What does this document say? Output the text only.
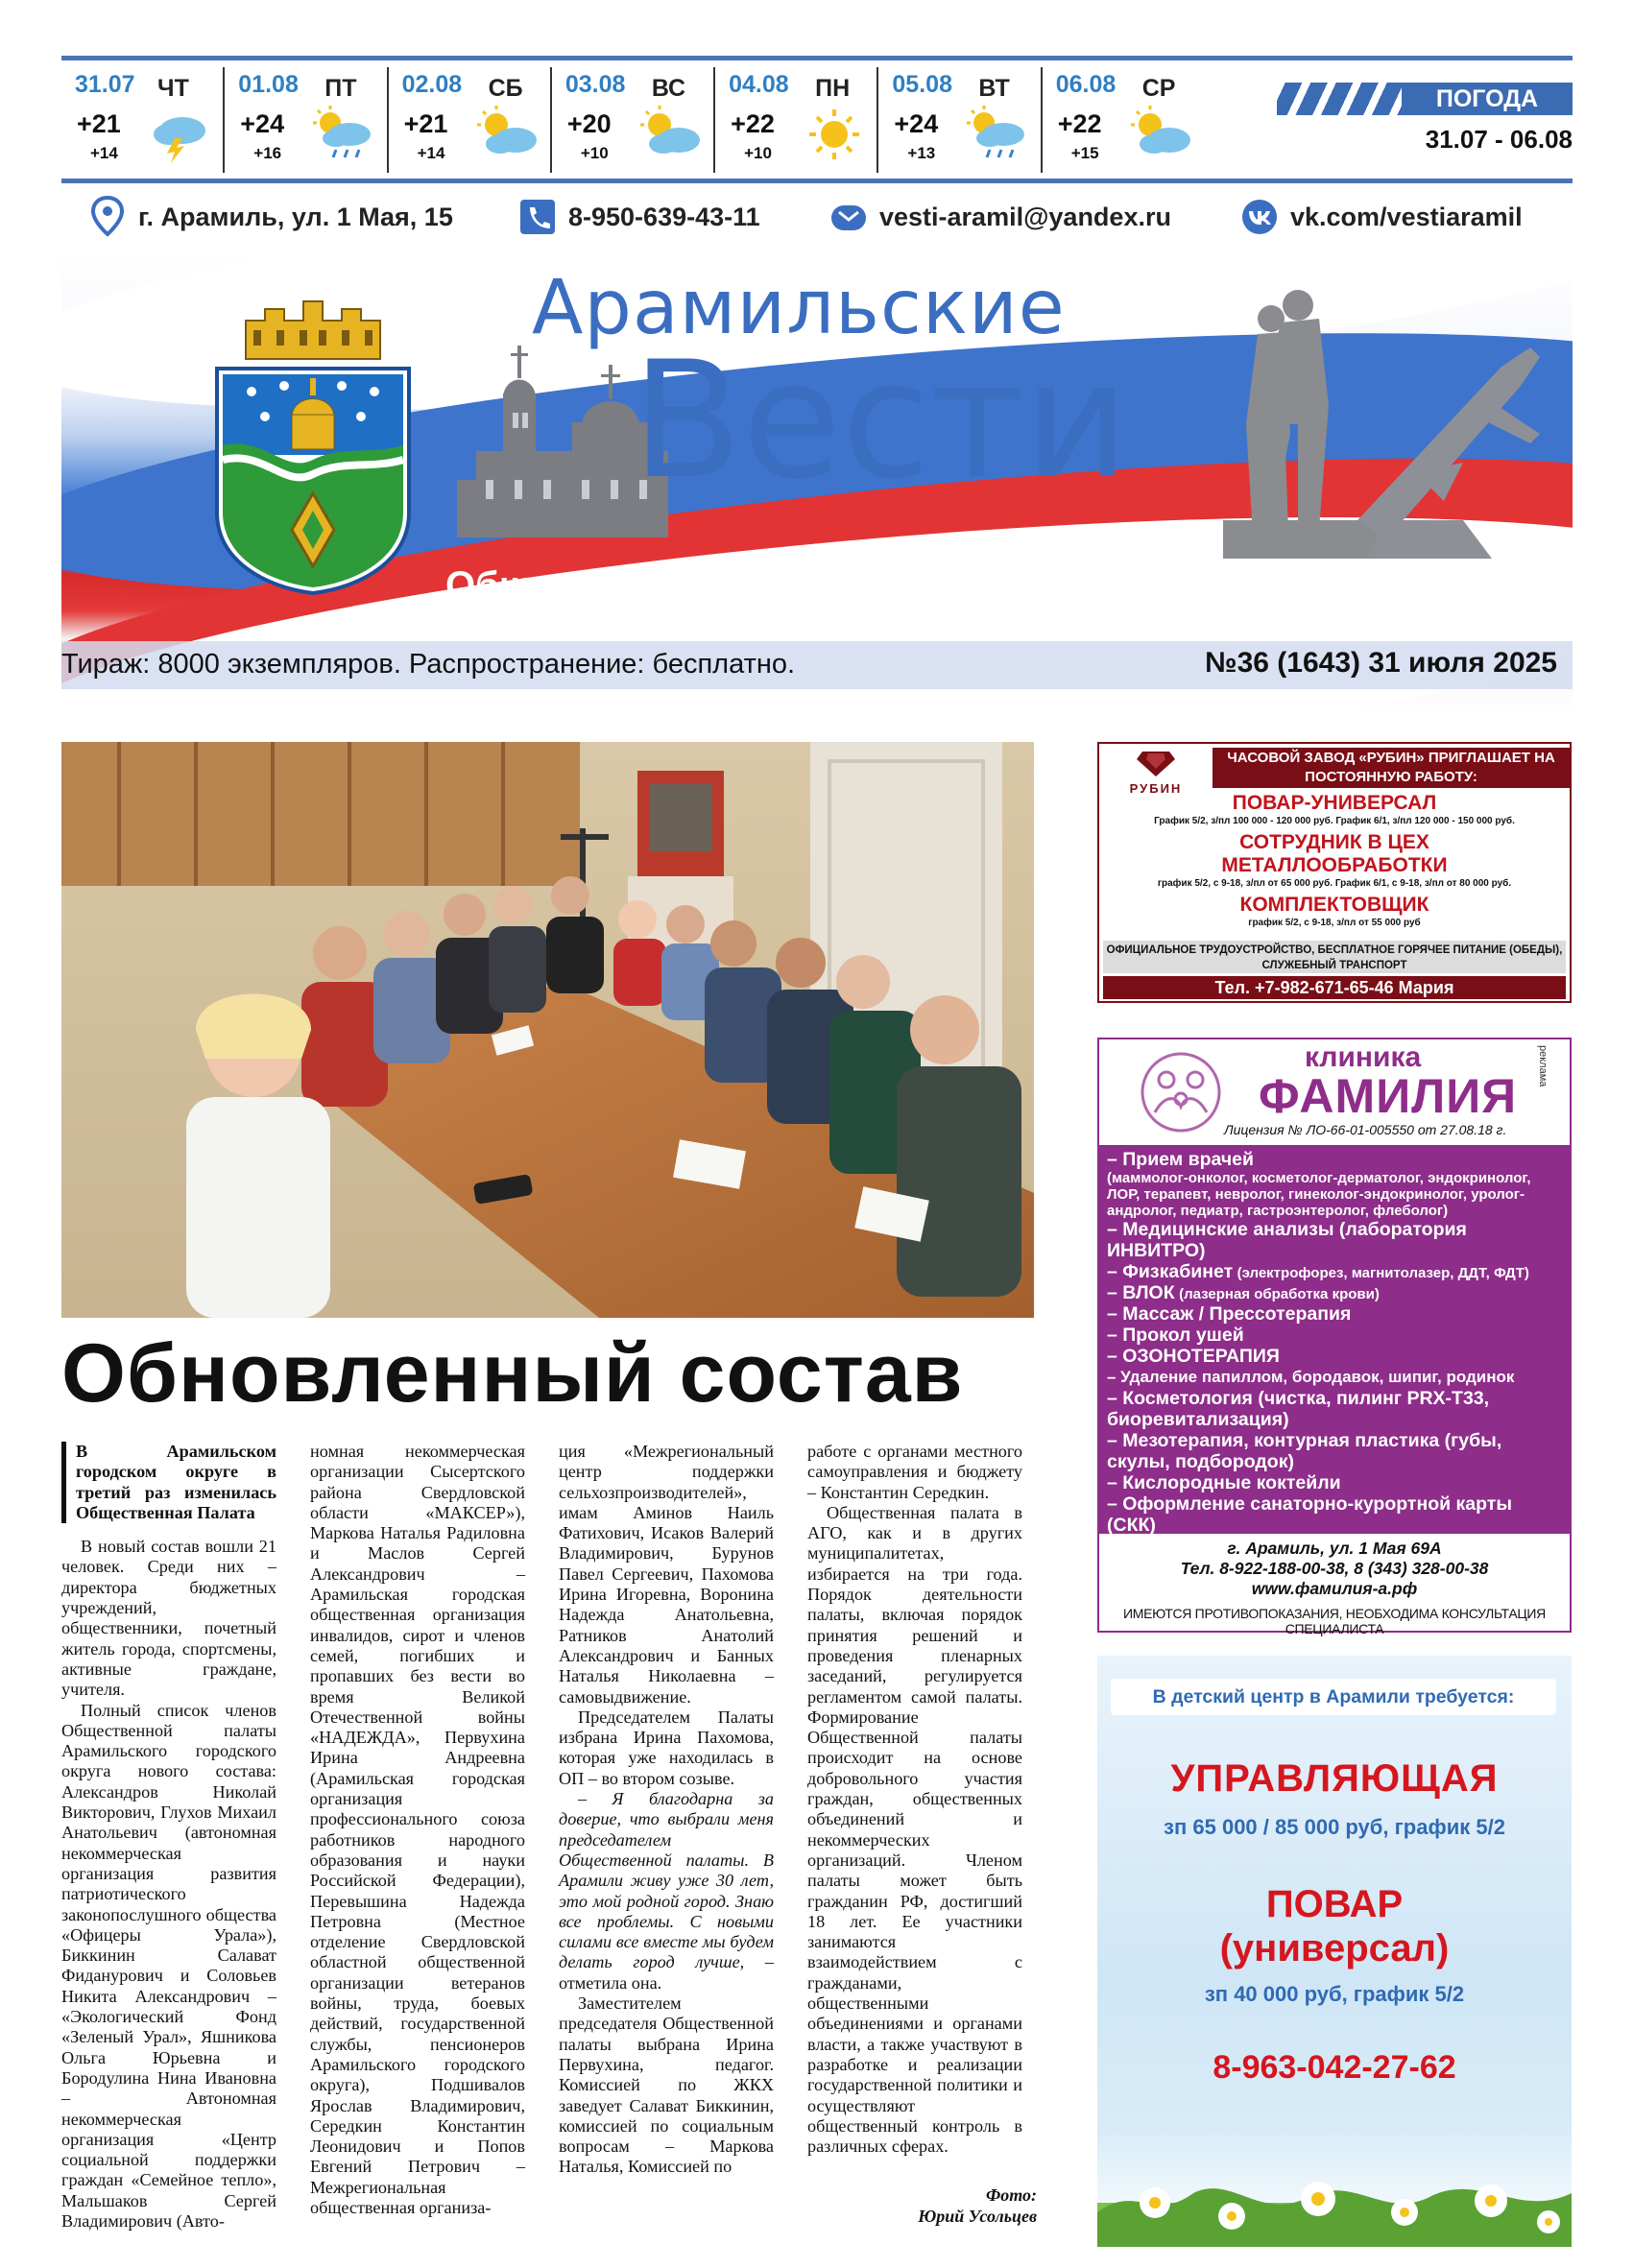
31.07 ЧТ
+21
+14
01.08 ПТ
+24
+16
02.08 СБ
+21
+14
03.08 ВС
+20
+10
04.08 ПН
+22
+10
05.08 ВТ
+24
+13
06.08 СР
+22
+15
ПОГОДА
31.07 - 06.08
г. Арамиль, ул. 1 Мая, 15	8-950-639-43-11	vesti-aramil@yandex.ru	vk.com/vestiaramil
16+	Арамильские
Вести
Общественно-политическая газета
Тираж: 8000 экземпляров. Распространение: бесплатно.	№36 (1643) 31 июля 2025
Обновленный состав

В Арамильском городском округе в третий раз изменилась Общественная Палата

В новый состав вошли 21 человек. Среди них – директора бюджетных учреждений, общественники, почетный житель города, спортсмены, активные граждане, учителя.

Полный список членов Общественной палаты Арамильского городского округа нового состава: Александров Николай Викторович, Глухов Михаил Анатольевич (автономная некоммерческая организация развития патриотического законопослушного общества «Офицеры Урала»), Биккинин Салават Фиданурович и Соловьев Никита Александрович – «Экологический Фонд «Зеленый Урал», Яшникова Ольга Юрьевна и Бородулина Нина Ивановна – Автономная некоммерческая организация «Центр социальной поддержки граждан «Семейное тепло», Мальшаков Сергей Владимирович (Авто-

номная некоммерческая организации Сысертского района Свердловской области «МАКСЕР»), Маркова Наталья Радиловна и Маслов Сергей Александрович – Арамильская городская общественная организация инвалидов, сирот и членов семей, погибших и пропавших без вести во время Великой Отечественной войны «НАДЕЖДА», Первухина Ирина Андреевна (Арамильская городская организация профессионального союза работников народного образования и науки Российской Федерации), Перевышина Надежда Петровна (Местное отделение Свердловской областной общественной организации ветеранов войны, труда, боевых действий, государственной службы, пенсионеров Арамильского городского округа), Подшивалов Ярослав Владимирович, Середкин Константин Леонидович и Попов Евгений Петрович – Межрегиональная общественная организа-

ция «Межрегиональный центр поддержки сельхозпроизводителей», имам Аминов Наиль Фатихович, Исаков Валерий Владимирович, Бурунов Павел Сергеевич, Пахомова Ирина Игоревна, Воронина Надежда Анатольевна, Ратников Анатолий Александрович и Банных Наталья Николаевна – самовыдвижение.

Председателем Палаты избрана Ирина Пахомова, которая уже находилась в ОП – во втором созыве.

– Я благодарна за доверие, что выбрали меня председателем Общественной палаты. В Арамили живу уже 30 лет, это мой родной город. Знаю все проблемы. С новыми силами все вместе мы будем делать город лучше, – отметила она.

Заместителем председателя Общественной палаты выбрана Ирина Первухина, педагог. Комиссией по ЖКХ заведует Салават Биккинин, комиссией по социальным вопросам – Маркова Наталья, Комиссией по

работе с органами местного самоуправления и бюджету – Константин Середкин.

Общественная палата в АГО, как и в других муниципалитетах, избирается на три года. Порядок деятельности палаты, включая порядок принятия решений и проведения пленарных заседаний, регулируется регламентом самой палаты. Формирование Общественной палаты происходит на основе добровольного участия граждан, общественных объединений и некоммерческих организаций. Членом палаты может быть гражданин РФ, достигший 18 лет. Ее участники занимаются взаимодействием с гражданами, общественными объединениями и органами власти, а также участвуют в разработке и реализации государственной политики и осуществляют общественный контроль в различных сферах.

Фото:
Юрий Усольцев
РУБИН
ЧАСОВОЙ ЗАВОД «РУБИН» ПРИГЛАШАЕТ НА ПОСТОЯННУЮ РАБОТУ:
ПОВАР-УНИВЕРСАЛ
График 5/2, з/пл 100 000 - 120 000 руб. График 6/1, з/пл 120 000 - 150 000 руб.
СОТРУДНИК В ЦЕХ МЕТАЛЛООБРАБОТКИ
график 5/2, с 9-18, з/пл от 65 000 руб. График 6/1, с 9-18, з/пл от 80 000 руб.
КОМПЛЕКТОВЩИК
график 5/2, с 9-18, з/пл от 55 000 руб
ОФИЦИАЛЬНОЕ ТРУДОУСТРОЙСТВО, БЕСПЛАТНОЕ ГОРЯЧЕЕ ПИТАНИЕ (ОБЕДЫ), СЛУЖЕБНЫЙ ТРАНСПОРТ
Тел. +7-982-671-65-46 Мария
клиника
ФАМИЛИЯ
Лицензия № ЛО-66-01-005550 от 27.08.18 г.
реклама
– Прием врачей
(маммолог-онколог, косметолог-дерматолог, эндокринолог, ЛОР, терапевт, невролог, гинеколог-эндокринолог, уролог-андролог, педиатр, гастроэнтеролог, флеболог)
– Медицинские анализы (лаборатория ИНВИТРО)
– Физкабинет (электрофорез, магнитолазер, ДДТ, ФДТ)
– ВЛОК (лазерная обработка крови)
– Массаж / Прессотерапия
– Прокол ушей
– ОЗОНОТЕРАПИЯ
– Удаление папиллом, бородавок, шипиг, родинок
– Косметология (чистка, пилинг PRX-T33, биоревитализация)
– Мезотерапия, контурная пластика (губы, скулы, подбородок)
– Кислородные коктейли
– Оформление санаторно-курортной карты (СКК)
– ВСЕ ВИДЫ УЗИ
г. Арамиль, ул. 1 Мая 69А
Тел. 8-922-188-00-38, 8 (343) 328-00-38
www.фамилия-а.рф
ИМЕЮТСЯ ПРОТИВОПОКАЗАНИЯ, НЕОБХОДИМА КОНСУЛЬТАЦИЯ СПЕЦИАЛИСТА
В детский центр в Арамили требуется:
УПРАВЛЯЮЩАЯ
зп 65 000 / 85 000 руб, график 5/2
ПОВАР
(универсал)
зп 40 000 руб, график 5/2
8-963-042-27-62
